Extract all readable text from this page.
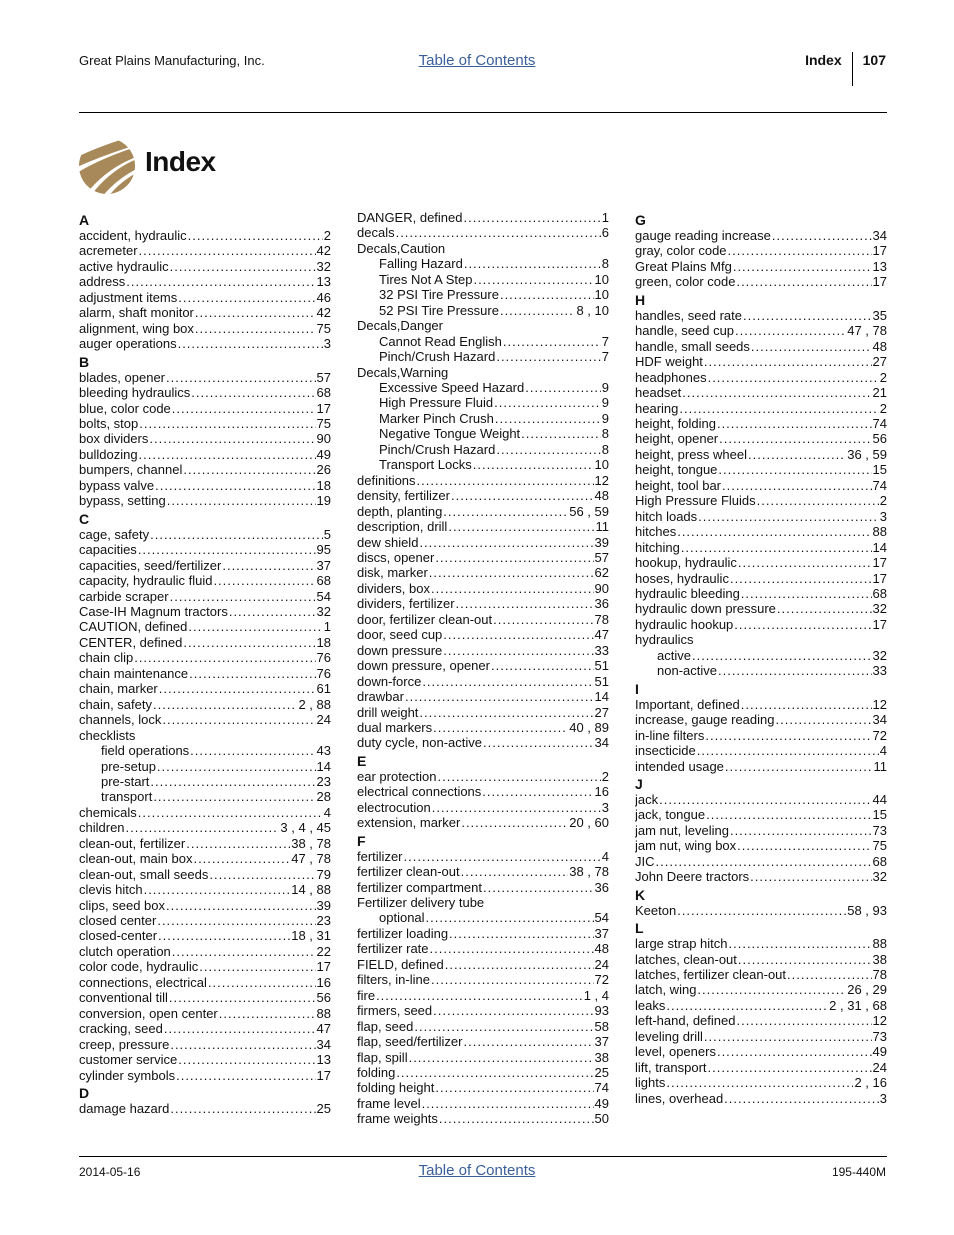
Great Plains Manufacturing, Inc.	Table of Contents	Index 107
Index
A
accident, hydraulic .....	2
acremeter .....	42
active hydraulic .....	32
address .....	13
adjustment items .....	46
alarm, shaft monitor .....	42
alignment, wing box .....	75
auger operations .....	3
B
blades, opener .....	57
bleeding hydraulics .....	68
blue, color code .....	17
bolts, stop .....	75
box dividers .....	90
bulldozing .....	49
bumpers, channel .....	26
bypass valve .....	18
bypass, setting .....	19
C
cage, safety .....	5
capacities .....	95
capacities, seed/fertilizer .....	37
capacity, hydraulic fluid .....	68
carbide scraper .....	54
Case-IH Magnum tractors .....	32
CAUTION, defined .....	1
CENTER, defined .....	18
chain clip .....	76
chain maintenance .....	76
chain, marker .....	61
chain, safety .....	2 , 88
channels, lock .....	24
checklists
field operations .....	43
pre-setup .....	14
pre-start .....	23
transport .....	28
chemicals .....	4
children .....	3 , 4 , 45
clean-out, fertilizer .....	38 , 78
clean-out, main box .....	47 , 78
clean-out, small seeds .....	79
clevis hitch .....	14 , 88
clips, seed box .....	39
closed center .....	23
closed-center .....	18 , 31
clutch operation .....	22
color code, hydraulic .....	17
connections, electrical .....	16
conventional till .....	56
conversion, open center .....	88
cracking, seed .....	47
creep, pressure .....	34
customer service .....	13
cylinder symbols .....	17
D
damage hazard .....	25
DANGER, defined .....	1
decals .....	6
Decals,Caution
Falling Hazard .....	8
Tires Not A Step .....	10
32 PSI Tire Pressure .....	10
52 PSI Tire Pressure .....	8 , 10
Decals,Danger
Cannot Read English .....	7
Pinch/Crush Hazard .....	7
Decals,Warning
Excessive Speed Hazard .....	9
High Pressure Fluid .....	9
Marker Pinch Crush .....	9
Negative Tongue Weight .....	8
Pinch/Crush Hazard .....	8
Transport Locks .....	10
definitions .....	12
density, fertilizer .....	48
depth, planting .....	56 , 59
description, drill .....	11
dew shield .....	39
discs, opener .....	57
disk, marker .....	62
dividers, box .....	90
dividers, fertilizer .....	36
door, fertilizer clean-out .....	78
door, seed cup .....	47
down pressure .....	33
down pressure, opener .....	51
down-force .....	51
drawbar .....	14
drill weight .....	27
dual markers .....	40 , 89
duty cycle, non-active .....	34
E
ear protection .....	2
electrical connections .....	16
electrocution .....	3
extension, marker .....	20 , 60
F
fertilizer .....	4
fertilizer clean-out .....	38 , 78
fertilizer compartment .....	36
Fertilizer delivery tube
optional .....	54
fertilizer loading .....	37
fertilizer rate .....	48
FIELD, defined .....	24
filters, in-line .....	72
fire .....	1 , 4
firmers, seed .....	93
flap, seed .....	58
flap, seed/fertilizer .....	37
flap, spill .....	38
folding .....	25
folding height .....	74
frame level .....	49
frame weights .....	50
G
gauge reading increase .....	34
gray, color code .....	17
Great Plains Mfg .....	13
green, color code .....	17
H
handles, seed rate .....	35
handle, seed cup .....	47 , 78
handle, small seeds .....	48
HDF weight .....	27
headphones .....	2
headset .....	21
hearing .....	2
height, folding .....	74
height, opener .....	56
height, press wheel .....	36 , 59
height, tongue .....	15
height, tool bar .....	74
High Pressure Fluids .....	2
hitch loads .....	3
hitches .....	88
hitching .....	14
hookup, hydraulic .....	17
hoses, hydraulic .....	17
hydraulic bleeding .....	68
hydraulic down pressure .....	32
hydraulic hookup .....	17
hydraulics
active .....	32
non-active .....	33
I
Important, defined .....	12
increase, gauge reading .....	34
in-line filters .....	72
insecticide .....	4
intended usage .....	11
J
jack .....	44
jack, tongue .....	15
jam nut, leveling .....	73
jam nut, wing box .....	75
JIC .....	68
John Deere tractors .....	32
K
Keeton .....	58 , 93
L
large strap hitch .....	88
latches, clean-out .....	38
latches, fertilizer clean-out .....	78
latch, wing .....	26 , 29
leaks .....	2 , 31 , 68
left-hand, defined .....	12
leveling drill .....	73
level, openers .....	49
lift, transport .....	24
lights .....	2 , 16
lines, overhead .....	3
2014-05-16	Table of Contents	195-440M
